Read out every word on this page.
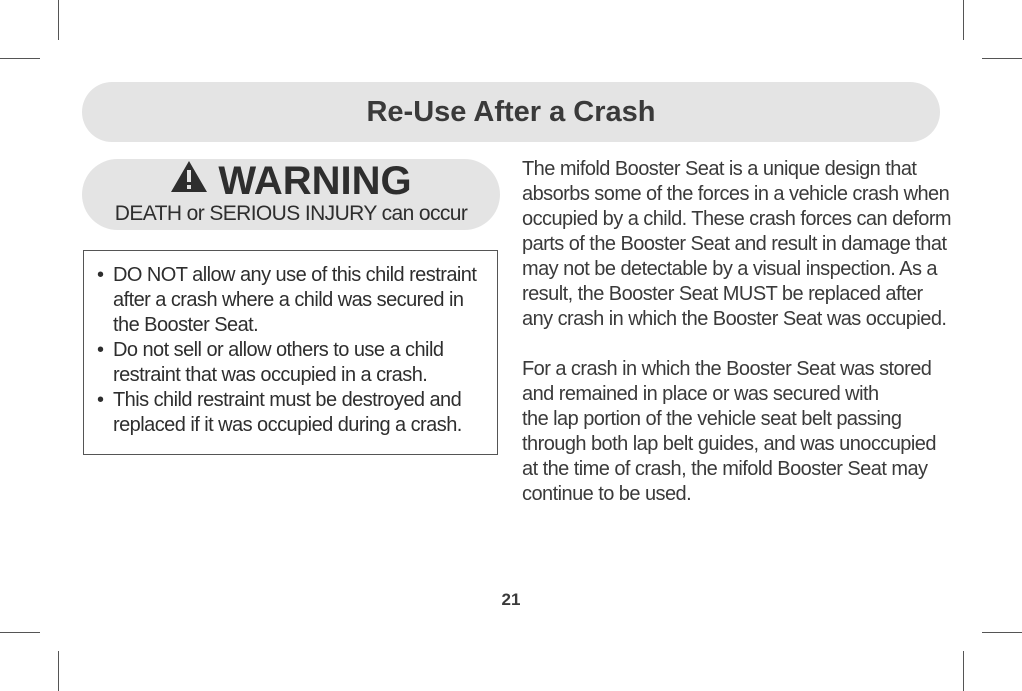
Re-Use After a Crash
WARNING
DEATH or SERIOUS INJURY can occur
• DO NOT allow any use of this child restraint after a crash where a child was secured in the Booster Seat.
• Do not sell or allow others to use a child restraint that was occupied in a crash.
• This child restraint must be destroyed and replaced if it was occupied during a crash.

The mifold Booster Seat is a unique design that absorbs some of the forces in a vehicle crash when occupied by a child. These crash forces can deform parts of the Booster Seat and result in damage that may not be detectable by a visual inspection. As a result, the Booster Seat MUST be replaced after any crash in which the Booster Seat was occupied.

For a crash in which the Booster Seat was stored and remained in place or was secured with
the lap portion of the vehicle seat belt passing through both lap belt guides, and was unoccupied at the time of crash, the mifold Booster Seat may continue to be used.

21
